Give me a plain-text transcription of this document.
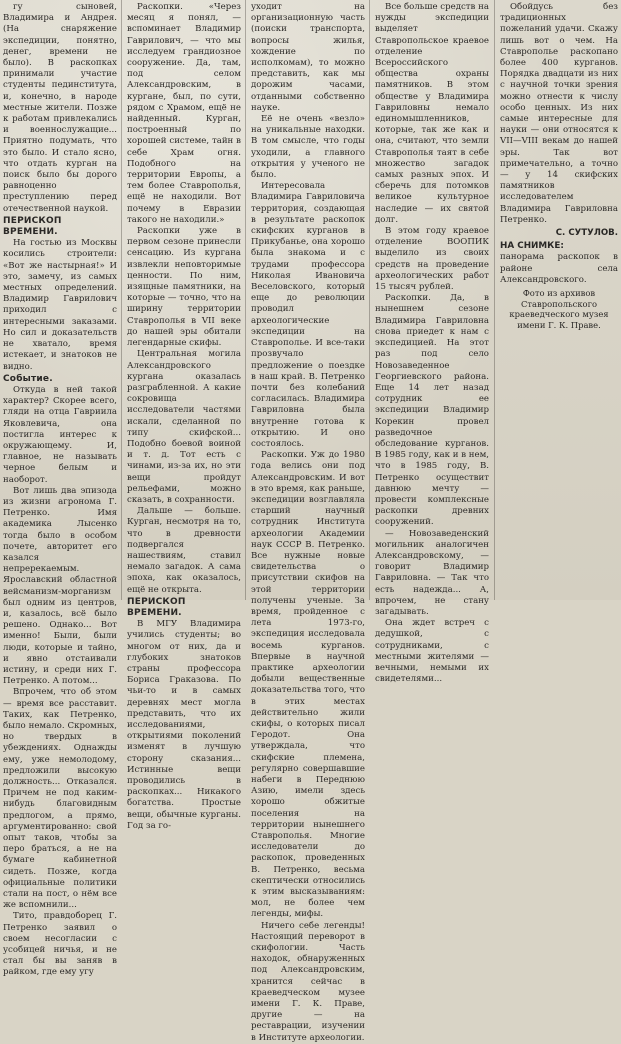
гу сыновей, Владимира и Андрея. (На снаряжение экспедиции, понятно, денег, времени не было). В раскопках принимали участие студенты пединститута, и, конечно, в народе местные жители. Позже к работам привлекались и военнослужащие... Приятно подумать, что это было. И стало ясно, что отдать курган на поиск было бы дорого равноценно преступлению перед отечественной наукой.

ПЕРИСКОП ВРЕМЕНИ.

На гостью из Москвы косились строители: «Вот же настырная!» И это, замечу, из самых местных определений. Владимир Гаврилович приходил с интересными заказами. Но сил и доказательств не хватало, время истекает, и знатоков не видно.

Событие.

Откуда в ней такой характер? Скорее всего, гляди на отца Гавриила Яковлевича, она постигла интерес к окружающему. И, главное, не называть черное белым и наоборот.

Вот лишь два эпизода из жизни агронома Г. Петренко. Имя академика Лысенко тогда было в особом почете, авторитет его казался непререкаемым. Ярославский областной вейсманизм-морганизм был одним из центров, и, казалось, всё было решено. Однако... Вот именно! Были, были люди, которые и тайно, и явно отстаивали истину, и среди них Г. Петренко. А потом...

Впрочем, что об этом — время все расставит. Таких, как Петренко, было немало. Скромных, но твердых в убеждениях. Однажды ему, уже немолодому, предложили высокую должность... Отказался. Причем не под каким-нибудь благовидным предлогом, а прямо, аргументированно: свой опыт таков, чтобы за перо браться, а не на бумаге кабинетной сидеть. Позже, когда официальные политики стали на пост, о нём все же вспомнили...

Тито, правдоборец Г. Петренко заявил о своем несогласии с усобицей ничья, и не стал бы вы заняв в райком, где ему угу

Раскопки. «Через месяц я понял, — вспоминает Владимир Гаврилович, — что мы исследуем грандиозное сооружение. Да, там, под селом Александровским, в кургане, был, по сути, рядом с Храмом, ещё не найденный. Курган, построенный по хорошей системе, тайн в себе Храм огня. Подобного на территории Европы, а тем более Ставрополья, ещё не находили. Вот почему в Евразии такого не находили.»

Раскопки уже в первом сезоне принесли сенсацию. Из кургана извлекли неповторимые ценности. По ним, изящные памятники, на которые — точно, что на ширину территории Ставрополья в VII веке до нашей эры обитали легендарные скифы.

Центральная могила Александровского кургана оказалась разграбленной. А какие сокровища исследователи частями искали, сделанной по типу скифской... Подобно боевой воиной и т. д. Тот есть с чинами, из-за их, но эти вещи пройдут рельефами, можно сказать, в сохранности.

Дальше — больше. Курган, несмотря на то, что в древности подвергался нашествиям, ставил немало загадок. А сама эпоха, как оказалось, ещё не открыта.

ПЕРИСКОП ВРЕМЕНИ.

В МГУ Владимира учились студенты; во многом от них, да и глубоких знатоков страны профессора Бориса Граказова. По чьи-то и в самых деревнях мест могла представить, что их исследованиями, открытиями поколений изменят в лучшую сторону сказания... Истинные вещи проводились в раскопках... Никакого богатства. Простые вещи, обычные курганы. Год за го-

уходит на организационную часть (поиски транспорта, вопросы жилья, хождение по исполкомам), то можно представить, как мы дорожим часами, отданными собственно науке.

Её не очень «везло» на уникальные находки. В том смысле, что годы уходили, а главного открытия у ученого не было.

Интересовала Владимира Гавриловича территория, создающая в результате раскопок скифских курганов в Прикубанье, она хорошо была знакома и с трудами профессора Николая Ивановича Веселовского, который еще до революции проводил археологические экспедиции на Ставрополье. И все-таки прозвучало предложение о поездке в наш край. В. Петренко почти без колебаний согласилась. Владимира Гавриловна была внутренне готова к открытию. И оно состоялось.

Раскопки. Уж до 1980 года велись они под Александровским. И вот в это время, как раньше, экспедиции возглавляла старший научный сотрудник Института археологии Академии наук СССР В. Петренко. Все нужные новые свидетельства о присутствии скифов на этой территории получены ученые. За время, пройденное с лета 1973-го, экспедиция исследовала восемь курганов. Впервые в научной практике археологии добыли вещественные доказательства того, что в этих местах действительно жили скифы, о которых писал Геродот. Она утверждала, что скифские племена, регулярно совершавшие набеги в Переднюю Азию, имели здесь хорошо обжитые поселения на территории нынешнего Ставрополья. Многие исследователи до раскопок, проведенных В. Петренко, весьма скептически относились к этим высказываниям: мол, не более чем легенды, мифы.

Ничего себе легенды! Настоящий переворот в скифологии. Часть находок, обнаруженных под Александровским, хранится сейчас в краеведческом музее имени Г. К. Праве, другие — на реставрации, изучении в Институте археологии.

Все больше средств на нужды экспедиции выделяет Ставропольское краевое отделение Всероссийского общества охраны памятников. В этом обществе у Владимира Гавриловны немало единомышленников, которые, так же как и она, считают, что земли Ставрополья таят в себе множество загадок самых разных эпох. И сберечь для потомков великое культурное наследие — их святой долг.

В этом году краевое отделение ВООПИК выделило из своих средств на проведение археологических работ 15 тысяч рублей.

Раскопки. Да, в нынешнем сезоне Владимира Гавриловна снова приедет к нам с экспедицией. На этот раз под село Новозаведенное Георгиевского района. Еще 14 лет назад сотрудник ее экспедиции Владимир Корекин провел разведочное обследование курганов. В 1985 году, как и в нем, что в 1985 году, В. Петренко осуществит давнюю мечту — провести комплексные раскопки древних сооружений.

— Новозаведенский могильник аналогичен Александровскому, — говорит Владимир Гавриловна. — Так что есть надежда... А, впрочем, не стану загадывать.

Она ждет встреч с дедушкой, с сотрудниками, с местными жителями — вечными, немыми их свидетелями...

Обойдусь без традиционных пожеланий удачи. Скажу лишь вот о чем. На Ставрополье раскопано более 400 курганов. Порядка двадцати из них с научной точки зрения можно отнести к числу особо ценных. Из них самые интересные для науки — они относятся к VII—VIII векам до нашей эры. Так вот примечательно, а точно — у 14 скифских памятников исследователем Владимира Гавриловна Петренко.

С. СУТУЛОВ.
НА СНИМКЕ:

панорама раскопок в районе села Александровского.

Фото из архивов Ставропольского краеведческого музея имени Г. К. Праве.
